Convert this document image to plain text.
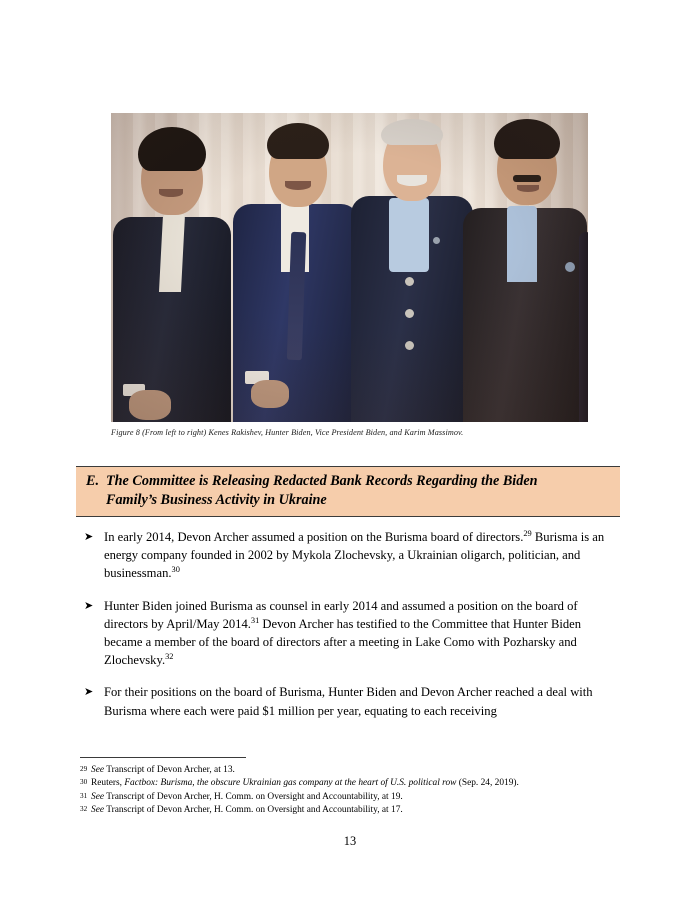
Figure 8 (From left to right) Kenes Rakishev, Hunter Biden, Vice President Biden, and Karim Massimov.
E. The Committee is Releasing Redacted Bank Records Regarding the Biden
Family’s Business Activity in Ukraine
➤ In early 2014, Devon Archer assumed a position on the Burisma board of directors.$^{29}$ Burisma is an energy company founded in 2002 by Mykola Zlochevsky, a Ukrainian oligarch, politician, and businessman.$^{30}$
➤ Hunter Biden joined Burisma as counsel in early 2014 and assumed a position on the board of directors by April/May 2014.31 Devon Archer has testified to the Committee that Hunter Biden became a member of the board of directors after a meeting in Lake Como with Pozharsky and Zlochevsky.$^{32}$
➤ For their positions on the board of Burisma, Hunter Biden and Devon Archer reached a deal with Burisma where each were paid $1 million per year, equating to each receiving
29 See Transcript of Devon Archer, at 13.
30 Reuters, Factbox: Burisma, the obscure Ukrainian gas company at the heart of U.S. political row (Sep. 24, 2019).
31 See Transcript of Devon Archer, H. Comm. on Oversight and Accountability, at 19.
32 See Transcript of Devon Archer, H. Comm. on Oversight and Accountability, at 17.
13
